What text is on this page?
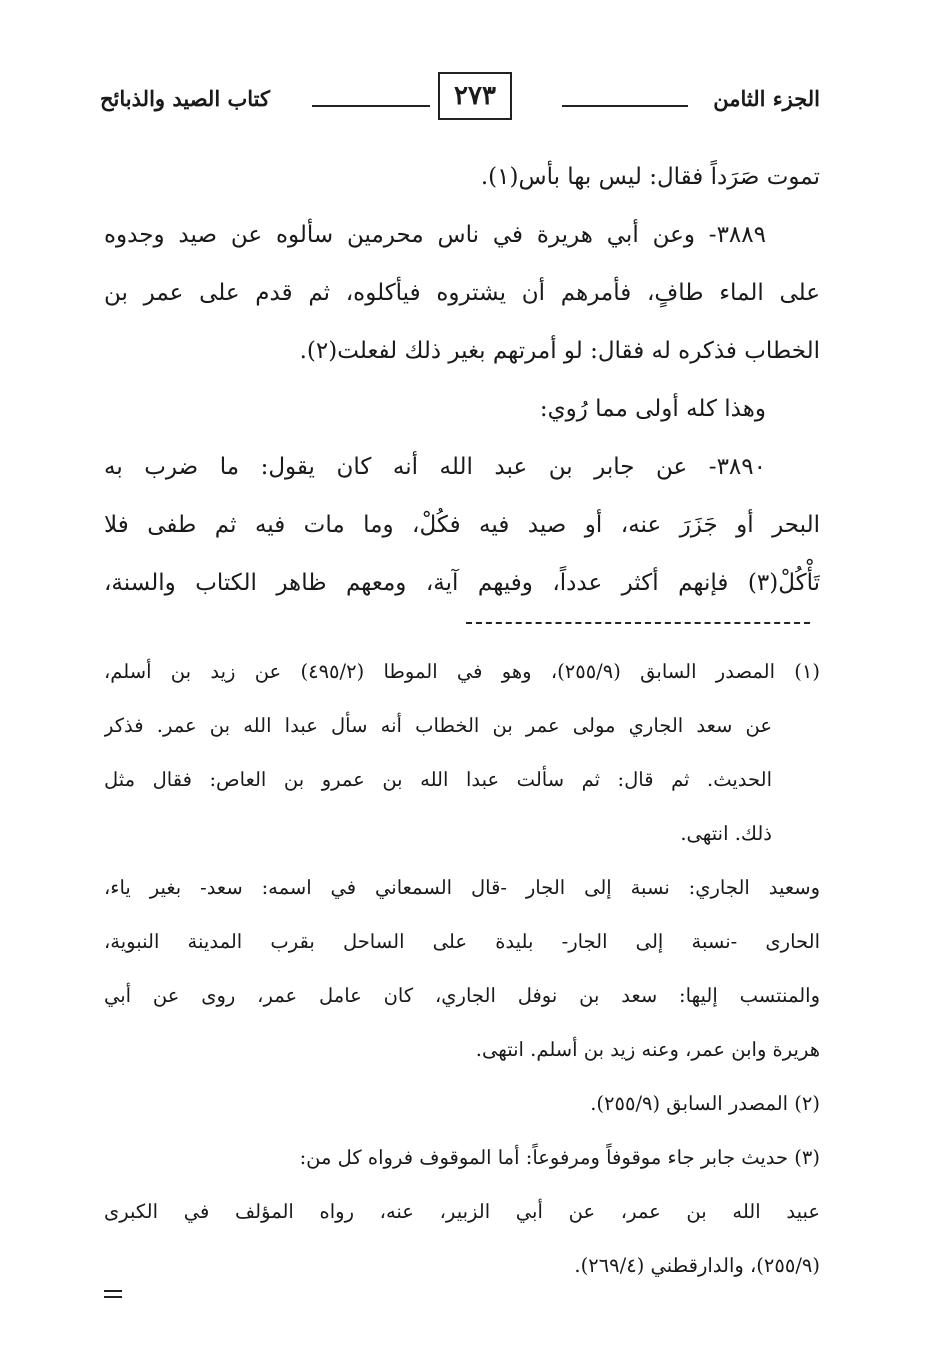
الجزء الثامن
٢٧٣
كتاب الصيد والذبائح
تموت صَرَداً فقال: ليس بها بأس(١).
٣٨٨٩- وعن أبي هريرة في ناس محرمين سألوه عن صيد وجدوه
على الماء طافٍ، فأمرهم أن يشتروه فيأكلوه، ثم قدم على عمر بن
الخطاب فذكره له فقال: لو أمرتهم بغير ذلك لفعلت(٢).
وهذا كله أولى مما رُوي:
٣٨٩٠- عن جابر بن عبد الله أنه كان يقول: ما ضرب به
البحر أو جَزَرَ عنه، أو صيد فيه فكُلْ، وما مات فيه ثم طفى فلا
تَأْكُلْ(٣) فإنهم أكثر عدداً، وفيهم آية، ومعهم ظاهر الكتاب والسنة،
(١) المصدر السابق (٢٥٥/٩)، وهو في الموطا (٤٩٥/٢) عن زيد بن أسلم،
عن سعد الجاري مولى عمر بن الخطاب أنه سأل عبدا الله بن عمر. فذكر
الحديث. ثم قال: ثم سألت عبدا الله بن عمرو بن العاص: فقال مثل
ذلك. انتهى.
وسعيد الجاري: نسبة إلى الجار -قال السمعاني في اسمه: سعد- بغير ياء،
الحارى -نسبة إلى الجار- بليدة على الساحل بقرب المدينة النبوية،
والمنتسب إليها: سعد بن نوفل الجاري، كان عامل عمر، روى عن أبي
هريرة وابن عمر، وعنه زيد بن أسلم. انتهى.
(٢) المصدر السابق (٢٥٥/٩).
(٣) حديث جابر جاء موقوفاً ومرفوعاً: أما الموقوف فرواه كل من:
عبيد الله بن عمر، عن أبي الزبير، عنه، رواه المؤلف في الكبرى
(٢٥٥/٩)، والدارقطني (٢٦٩/٤).
